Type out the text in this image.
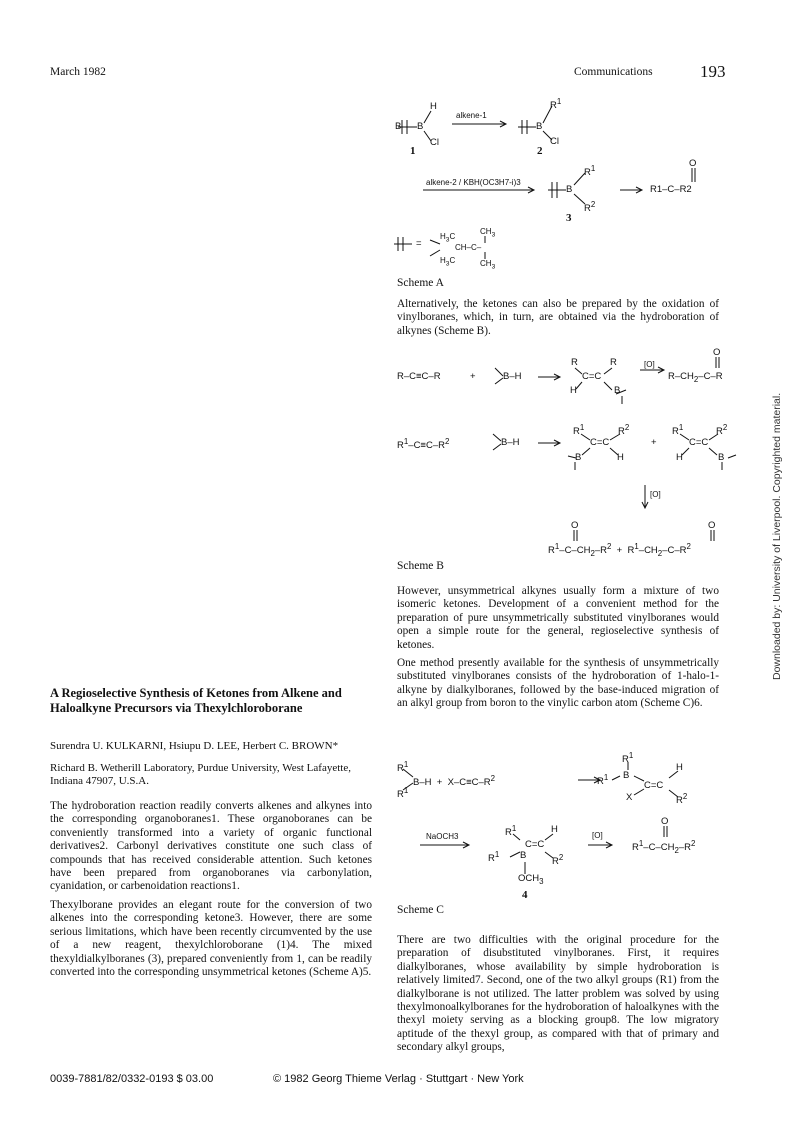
March 1982	Communications	193
Downloaded by: University of Liverpool. Copyrighted material.
B B
H
Cl
alkene-1
B
$R^1$
Cl
1	2
alkene-2 / KBH(OC3H7-i)3
B
$R^1$
$R^2$
3
O
R1–C–R2
=
$H_3C$
$H_3C$
CH–C–
$CH_3$
$CH_3$
Scheme A

Alternatively, the ketones can also be prepared by the oxidation of vinylboranes, which, in turn, are obtained via the hydroboration of alkynes (Scheme B).

R–C≡C–R	+	B–H
R	R
C=C
H	B
[O]
O
$R-CH_2-C-R$
$R^1-C\equiv C-R^2$	B–H
$R^1$	$R^2$
C=C
B	H
+
$R^1$	$R^2$
C=C
H	B
[O]
O	O
$R^1-C-CH_2-R^2 + R^1-CH_2-C-R^2$
Scheme B

However, unsymmetrical alkynes usually form a mixture of two isomeric ketones. Development of a convenient method for the preparation of pure unsymmetrically substituted vinylboranes would open a simple route for the general, regioselective synthesis of ketones.

One method presently available for the synthesis of unsymmetrically substituted vinylboranes consists of the hydroboration of 1-halo-1-alkyne by dialkylboranes, followed by the base-induced migration of an alkyl group from boron to the vinylic carbon atom (Scheme C)6.

$R^1$
$R^1$
$B-H + X-C\equiv C-R^2$
$R^1$
B
$R^1$
C=C
H
$R^2$
X
NaOCH3	$R^1$
$R^1$ B
C=C
H
$R^2$
$OCH_3$
4
[O]
O
$R^1-C-CH_2-R^2$
Scheme C

There are two difficulties with the original procedure for the preparation of disubstituted vinylboranes. First, it requires dialkylboranes, whose availability by simple hydroboration is relatively limited7. Second, one of the two alkyl groups (R1) from the dialkylborane is not utilized. The latter problem was solved by using thexylmonoalkylboranes for the hydroboration of haloalkynes with the thexyl moiety serving as a blocking group8. The low migratory aptitude of the thexyl group, as compared with that of primary and secondary alkyl groups,

A Regioselective Synthesis of Ketones from Alkene and Haloalkyne Precursors via Thexylchloroborane

Surendra U. KULKARNI, Hsiupu D. LEE, Herbert C. BROWN*

Richard B. Wetherill Laboratory, Purdue University, West Lafayette, Indiana 47907, U.S.A.

The hydroboration reaction readily converts alkenes and alkynes into the corresponding organoboranes1. These organoboranes can be conveniently transformed into a variety of organic functional derivatives2. Carbonyl derivatives constitute one such class of compounds that has received considerable attention. Such ketones have been prepared from organoboranes via carbonylation, cyanidation, or carbenoidation reactions1.

Thexylborane provides an elegant route for the conversion of two alkenes into the corresponding ketone3. However, there are some serious limitations, which have been recently circumvented by the use of a new reagent, thexylchloroborane (1)4. The mixed thexyldialkylboranes (3), prepared conveniently from 1, can be readily converted into the corresponding unsymmetrical ketones (Scheme A)5.

0039-7881/82/0332-0193 $ 03.00	© 1982 Georg Thieme Verlag · Stuttgart · New York
